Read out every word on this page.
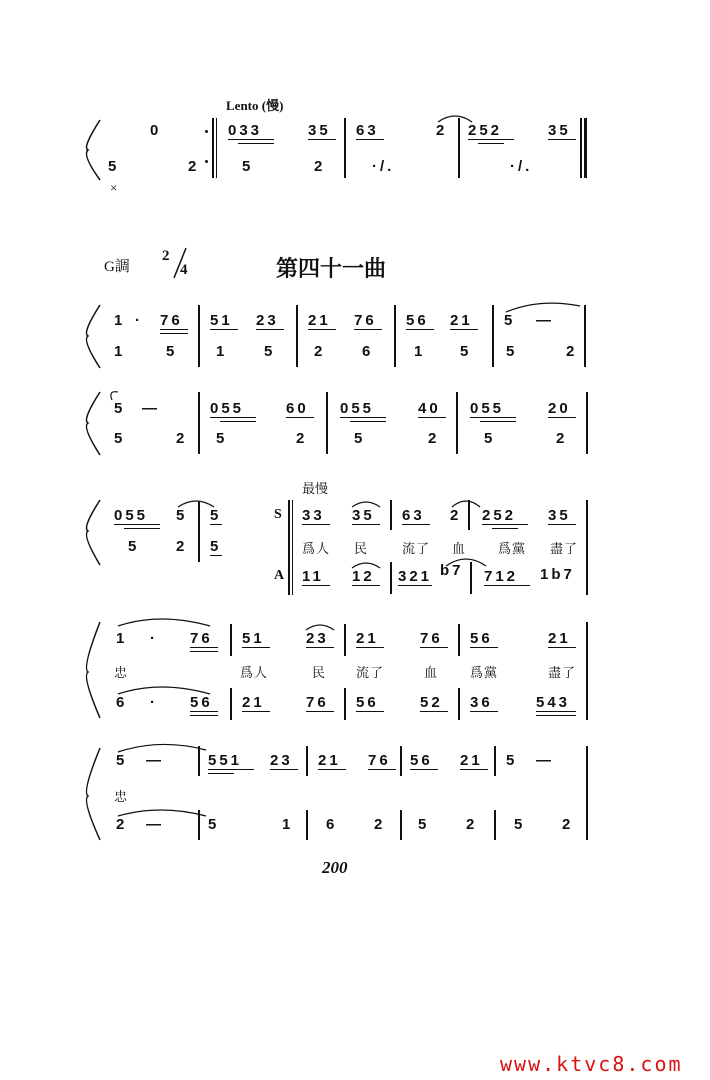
Lento (慢)
0
5	2
×
033
5
35
2
63	2
·/.
252	35
·/.
G調
2
4	第四十一曲
1 · 76
1	5
51 23
1 5
21 76
2 6
56 21
1 5
5 —
5	2
5 —
5	2
055	60
5	2
055	40
5	2
055	20
5	2
最慢
055 5
5 2
5
5
S
A
33 35 63 2 252 35
爲人 民	流了 血 爲黨 盡了
11 12 321 b7 712 1b7
1 · 76 51	23 21	76 56	21
忠	爲人	民 流了	血 爲黨	盡了
6 · 56 21	76 56	52 36	543
5 —	551 23 21 76 56 21 5 —
忠
2 —	5	1 6 2 5 2 5 2
200
www.ktvc8.com
